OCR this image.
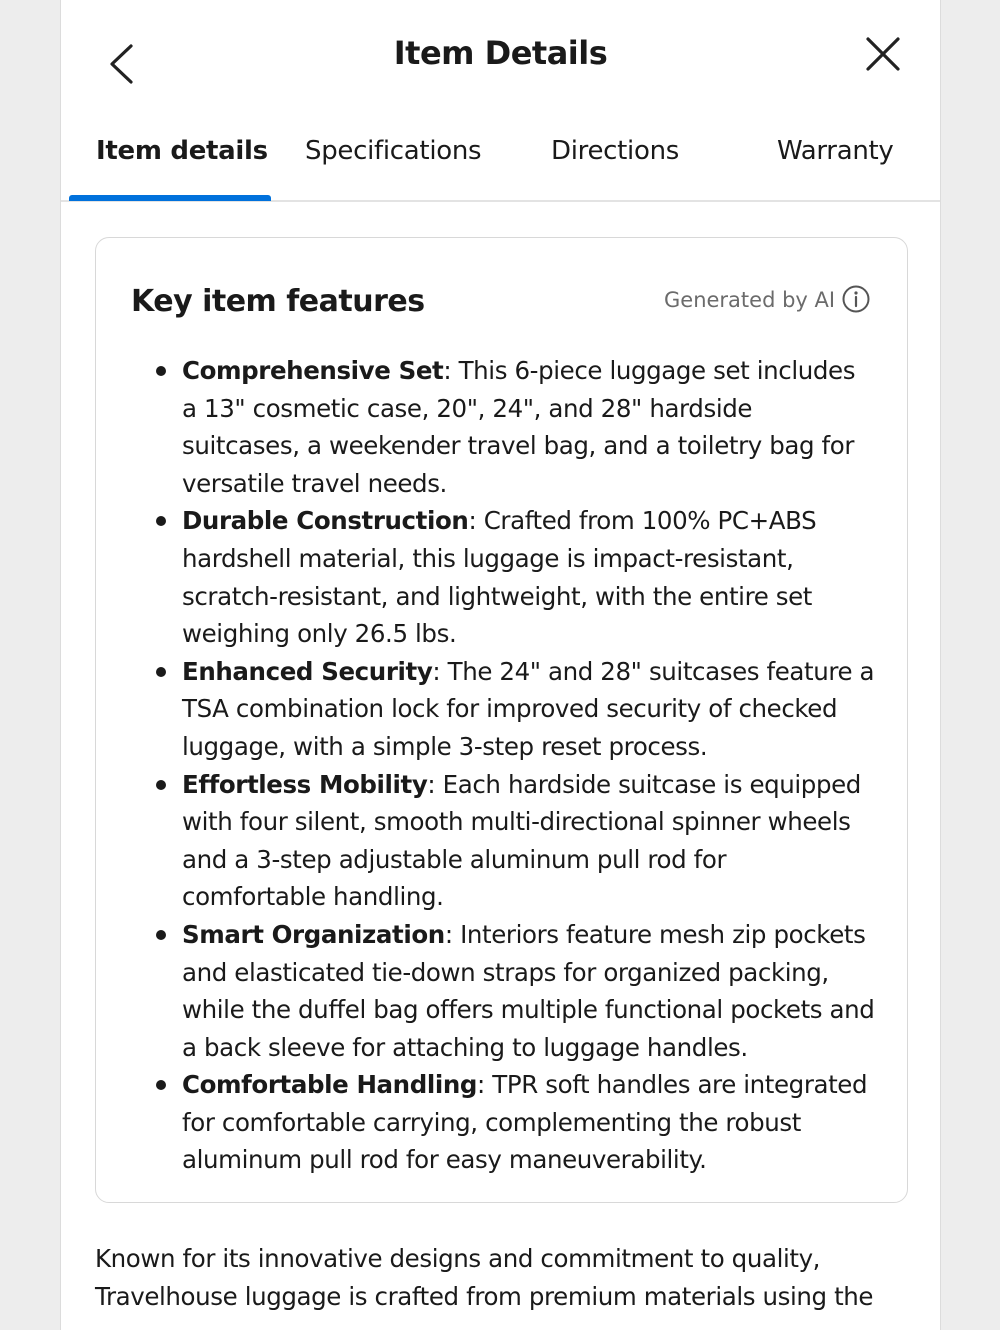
Item Details
Item details Specifications	Directions	Warranty
Key item features	Generated by AI
Comprehensive Set: This 6-piece luggage set includes a 13" cosmetic case, 20", 24", and 28" hardside suitcases, a weekender travel bag, and a toiletry bag for versatile travel needs.
Durable Construction: Crafted from 100% PC+ABS hardshell material, this luggage is impact-resistant, scratch-resistant, and lightweight, with the entire set weighing only 26.5 lbs.
Enhanced Security: The 24" and 28" suitcases feature a TSA combination lock for improved security of checked luggage, with a simple 3-step reset process.
Effortless Mobility: Each hardside suitcase is equipped with four silent, smooth multi-directional spinner wheels and a 3-step adjustable aluminum pull rod for comfortable handling.
Smart Organization: Interiors feature mesh zip pockets and elasticated tie-down straps for organized packing, while the duffel bag offers multiple functional pockets and a back sleeve for attaching to luggage handles.
Comfortable Handling: TPR soft handles are integrated for comfortable carrying, complementing the robust aluminum pull rod for easy maneuverability.
Known for its innovative designs and commitment to quality, Travelhouse luggage is crafted from premium materials using the
